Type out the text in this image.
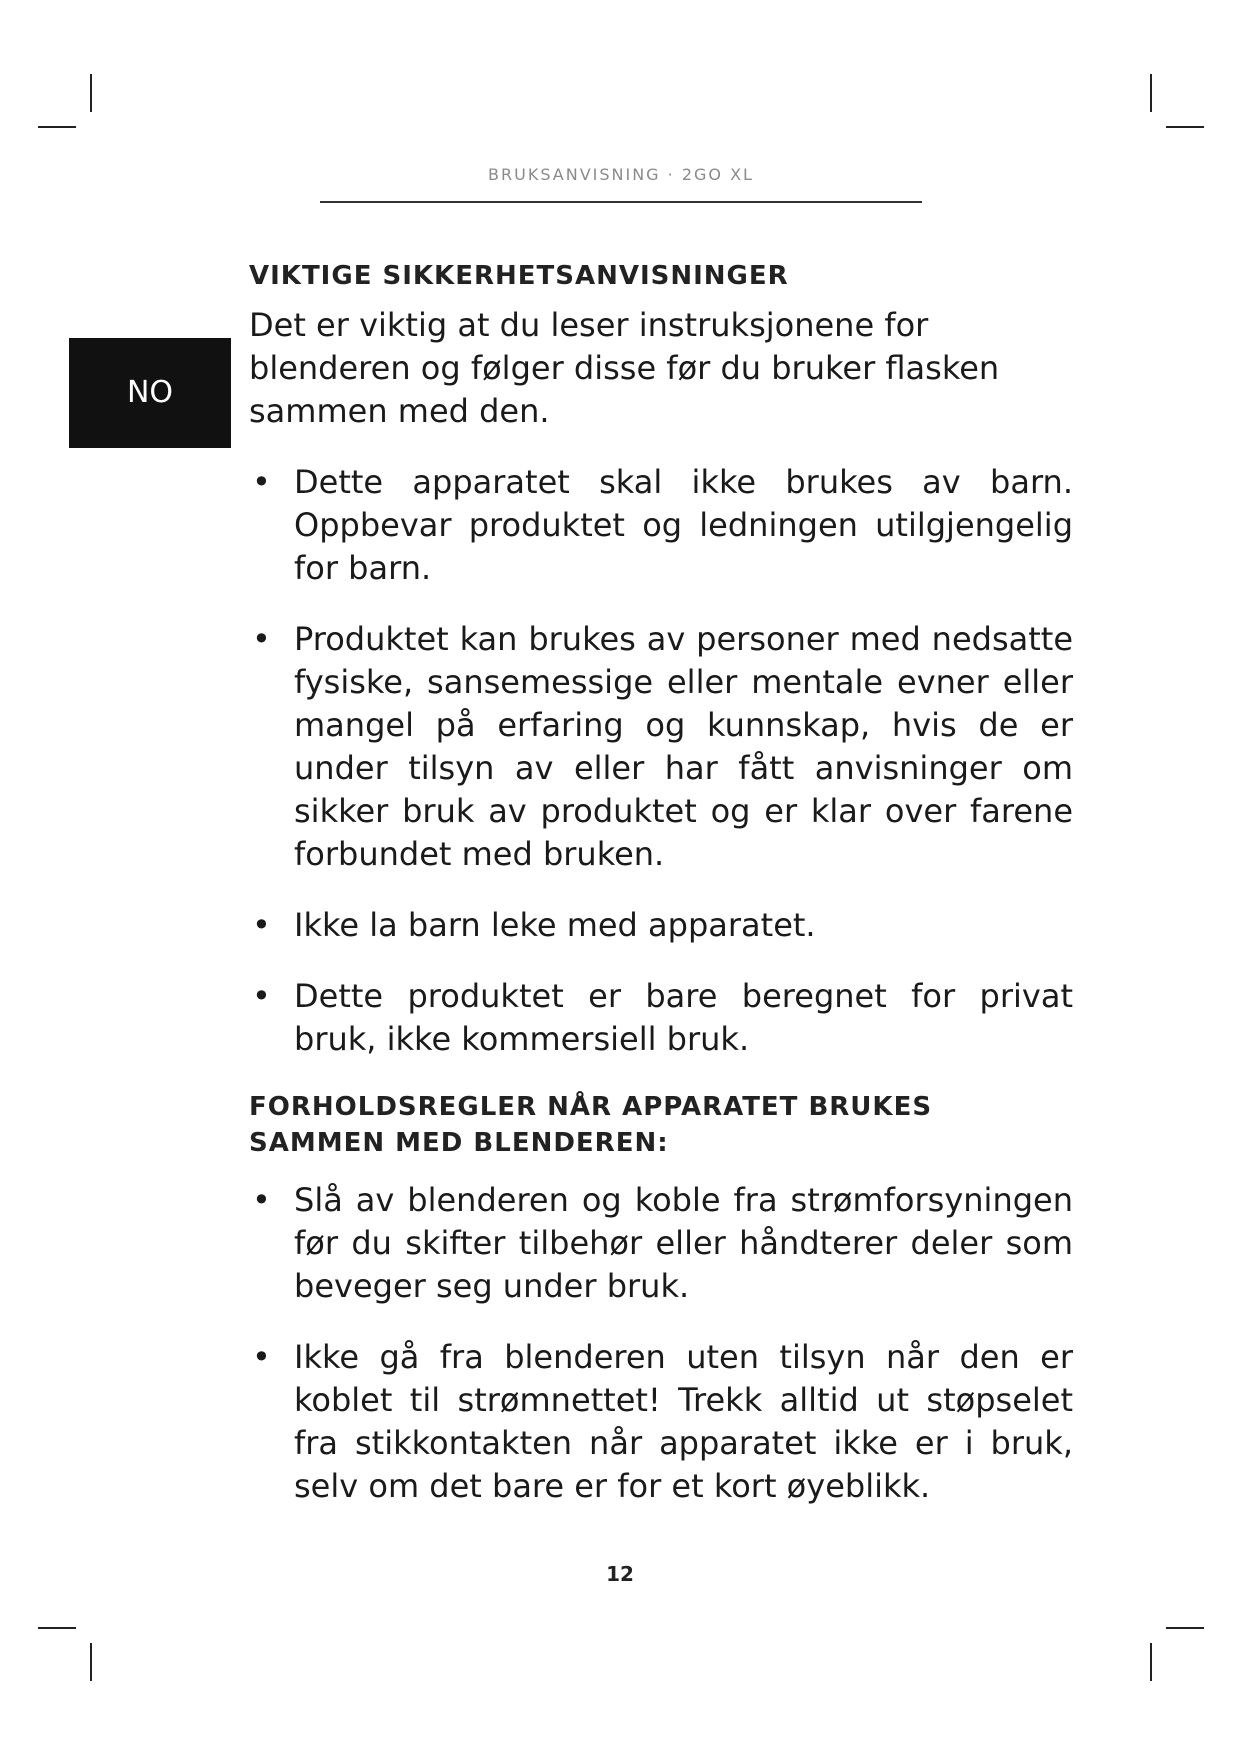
BRUKSANVISNING · 2GO XL
NO
VIKTIGE SIKKERHETSANVISNINGER

Det er viktig at du leser instruksjonene for blenderen og følger disse før du bruker flasken sammen med den.

• Dette apparatet skal ikke brukes av barn. Oppbevar produktet og ledningen utilgjengelig for barn.
• Produktet kan brukes av personer med nedsatte fysiske, sansemessige eller mentale evner eller mangel på erfaring og kunnskap, hvis de er under tilsyn av eller har fått anvisninger om sikker bruk av produktet og er klar over farene forbundet med bruken.
• Ikke la barn leke med apparatet.
• Dette produktet er bare beregnet for privat bruk, ikke kommersiell bruk.
FORHOLDSREGLER NÅR APPARATET BRUKES SAMMEN MED BLENDEREN:
• Slå av blenderen og koble fra strømforsyningen før du skifter tilbehør eller håndterer deler som beveger seg under bruk.
• Ikke gå fra blenderen uten tilsyn når den er koblet til strømnettet! Trekk alltid ut støpselet fra stikkontakten når apparatet ikke er i bruk, selv om det bare er for et kort øyeblikk.
12
